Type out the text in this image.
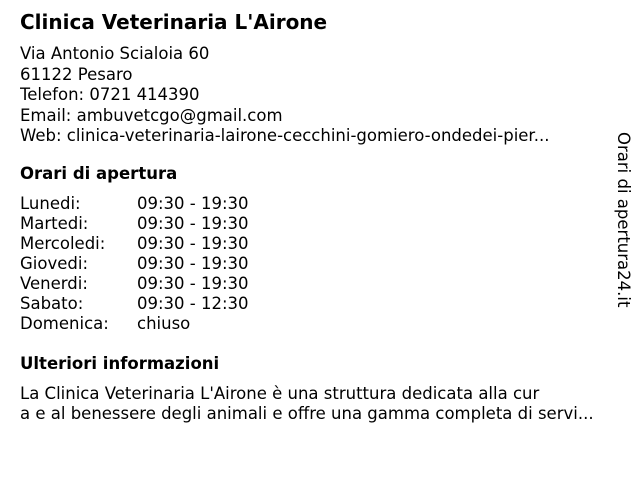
Clinica Veterinaria L'Airone
Via Antonio Scialoia 60
61122 Pesaro
Telefon: 0721 414390
Email: ambuvetcgo@gmail.com
Web: clinica-veterinaria-lairone-cecchini-gomiero-ondedei-pier...
Orari di apertura
Lunedi:	09:30 - 19:30
Martedi:	09:30 - 19:30
Mercoledi: 09:30 - 19:30
Giovedi:	09:30 - 19:30
Venerdi:	09:30 - 19:30
Sabato:	09:30 - 12:30
Domenica: chiuso
Ulteriori informazioni
La Clinica Veterinaria L'Airone è una struttura dedicata alla cur
a e al benessere degli animali e offre una gamma completa di servi...
Orari di apertura24.it
